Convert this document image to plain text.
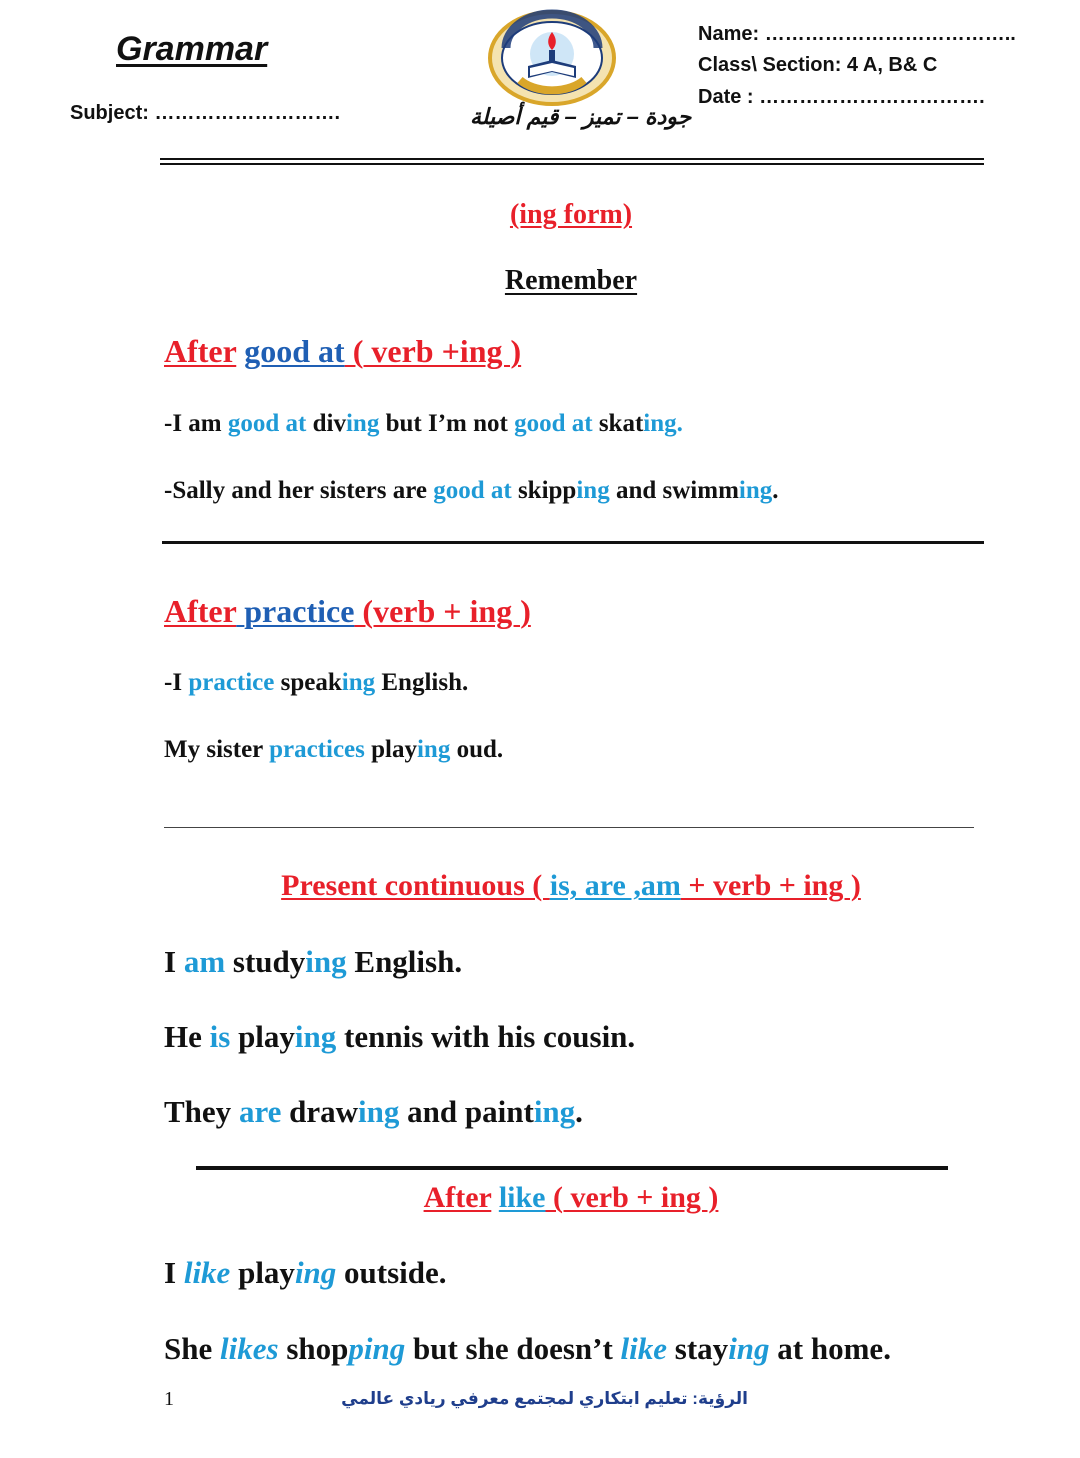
Grammar
Subject: ……………………….	جودة – تميز – قيم أصيلة
Name: ………………………………..
Class\ Section: 4 A, B& C
Date : …………………………….
(ing form)
Remember
After good at ( verb +ing )
-I am good at diving but I’m not good at skating.
-Sally and her sisters are good at skipping and swimming.
After practice (verb + ing )
-I practice speaking English.
My sister practices playing oud.
Present continuous ( is, are ,am + verb + ing )
I am studying English.
He is playing tennis with his cousin.
They are drawing and painting.
After like ( verb + ing )
I like playing outside.
She likes shopping but she doesn’t like staying at home.
1	الرؤية: تعليم ابتكاري لمجتمع معرفي ريادي عالمي
